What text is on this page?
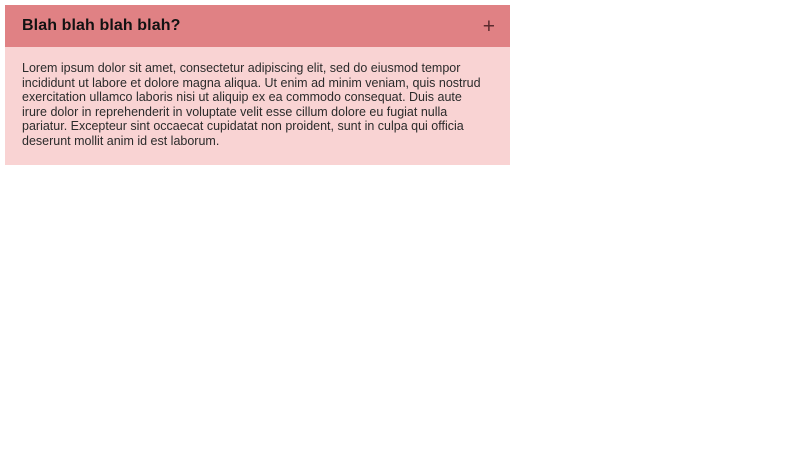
Blah blah blah blah?	+

Lorem ipsum dolor sit amet, consectetur adipiscing elit, sed do eiusmod tempor incididunt ut labore et dolore magna aliqua. Ut enim ad minim veniam, quis nostrud exercitation ullamco laboris nisi ut aliquip ex ea commodo consequat. Duis aute irure dolor in reprehenderit in voluptate velit esse cillum dolore eu fugiat nulla pariatur. Excepteur sint occaecat cupidatat non proident, sunt in culpa qui officia deserunt mollit anim id est laborum.
